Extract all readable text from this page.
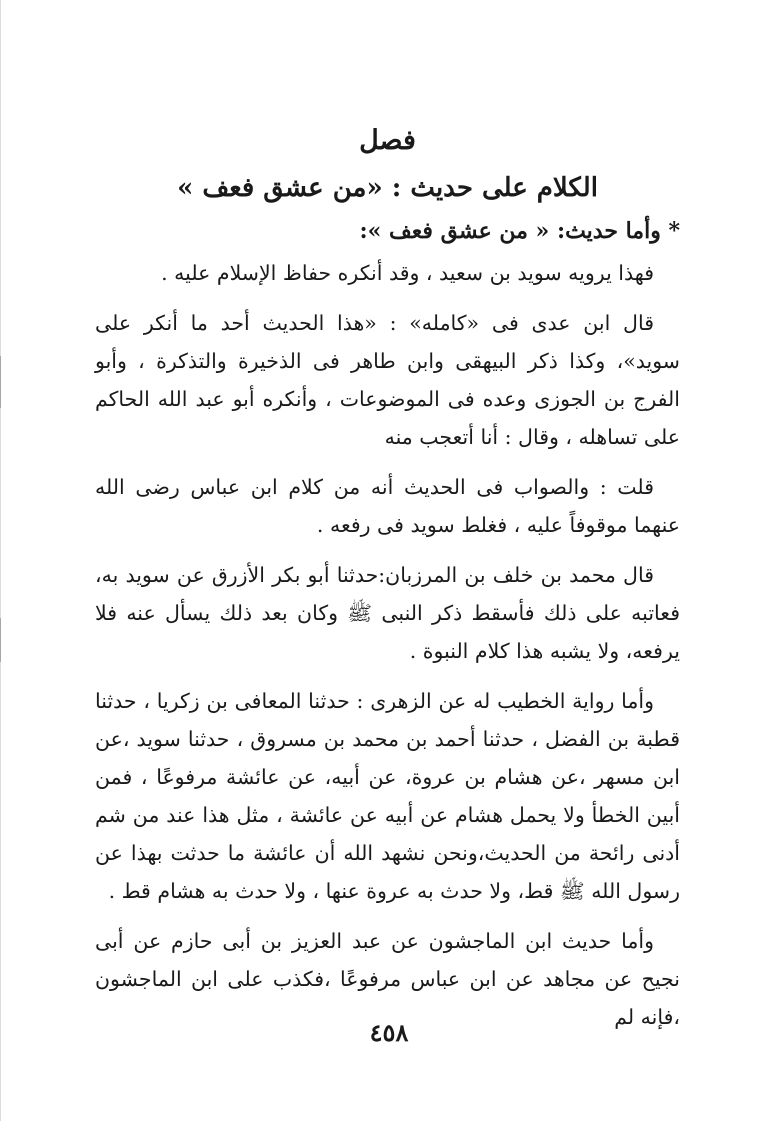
فصل
الكلام على حديث : «من عشق فعف »

* وأما حديث: « من عشق فعف »:

فهذا يرويه سويد بن سعيد ، وقد أنكره حفاظ الإسلام عليه .

قال ابن عدى فى «كامله» : «هذا الحديث أحد ما أنكر على سويد»، وكذا ذكر البيهقى وابن طاهر فى الذخيرة والتذكرة ، وأبو الفرج بن الجوزى وعده فى الموضوعات ، وأنكره أبو عبد الله الحاكم على تساهله ، وقال : أنا أتعجب منه

قلت : والصواب فى الحديث أنه من كلام ابن عباس رضى الله عنهما موقوفاً عليه ، فغلط سويد فى رفعه .

قال محمد بن خلف بن المرزبان:حدثنا أبو بكر الأزرق عن سويد به، فعاتبه على ذلك فأسقط ذكر النبى ﷺ وكان بعد ذلك يسأل عنه فلا يرفعه، ولا يشبه هذا كلام النبوة .

وأما رواية الخطيب له عن الزهرى : حدثنا المعافى بن زكريا ، حدثنا قطبة بن الفضل ، حدثنا أحمد بن محمد بن مسروق ، حدثنا سويد ،عن ابن مسهر ،عن هشام بن عروة، عن أبيه، عن عائشة مرفوعًا ، فمن أبين الخطأ ولا يحمل هشام عن أبيه عن عائشة ، مثل هذا عند من شم أدنى رائحة من الحديث،ونحن نشهد الله أن عائشة ما حدثت بهذا عن رسول الله ﷺ قط، ولا حدث به عروة عنها ، ولا حدث به هشام قط .

وأما حديث ابن الماجشون عن عبد العزيز بن أبى حازم عن أبى نجيح عن مجاهد عن ابن عباس مرفوعًا ،فكذب على ابن الماجشون ،فإنه لم

٤٥٨
